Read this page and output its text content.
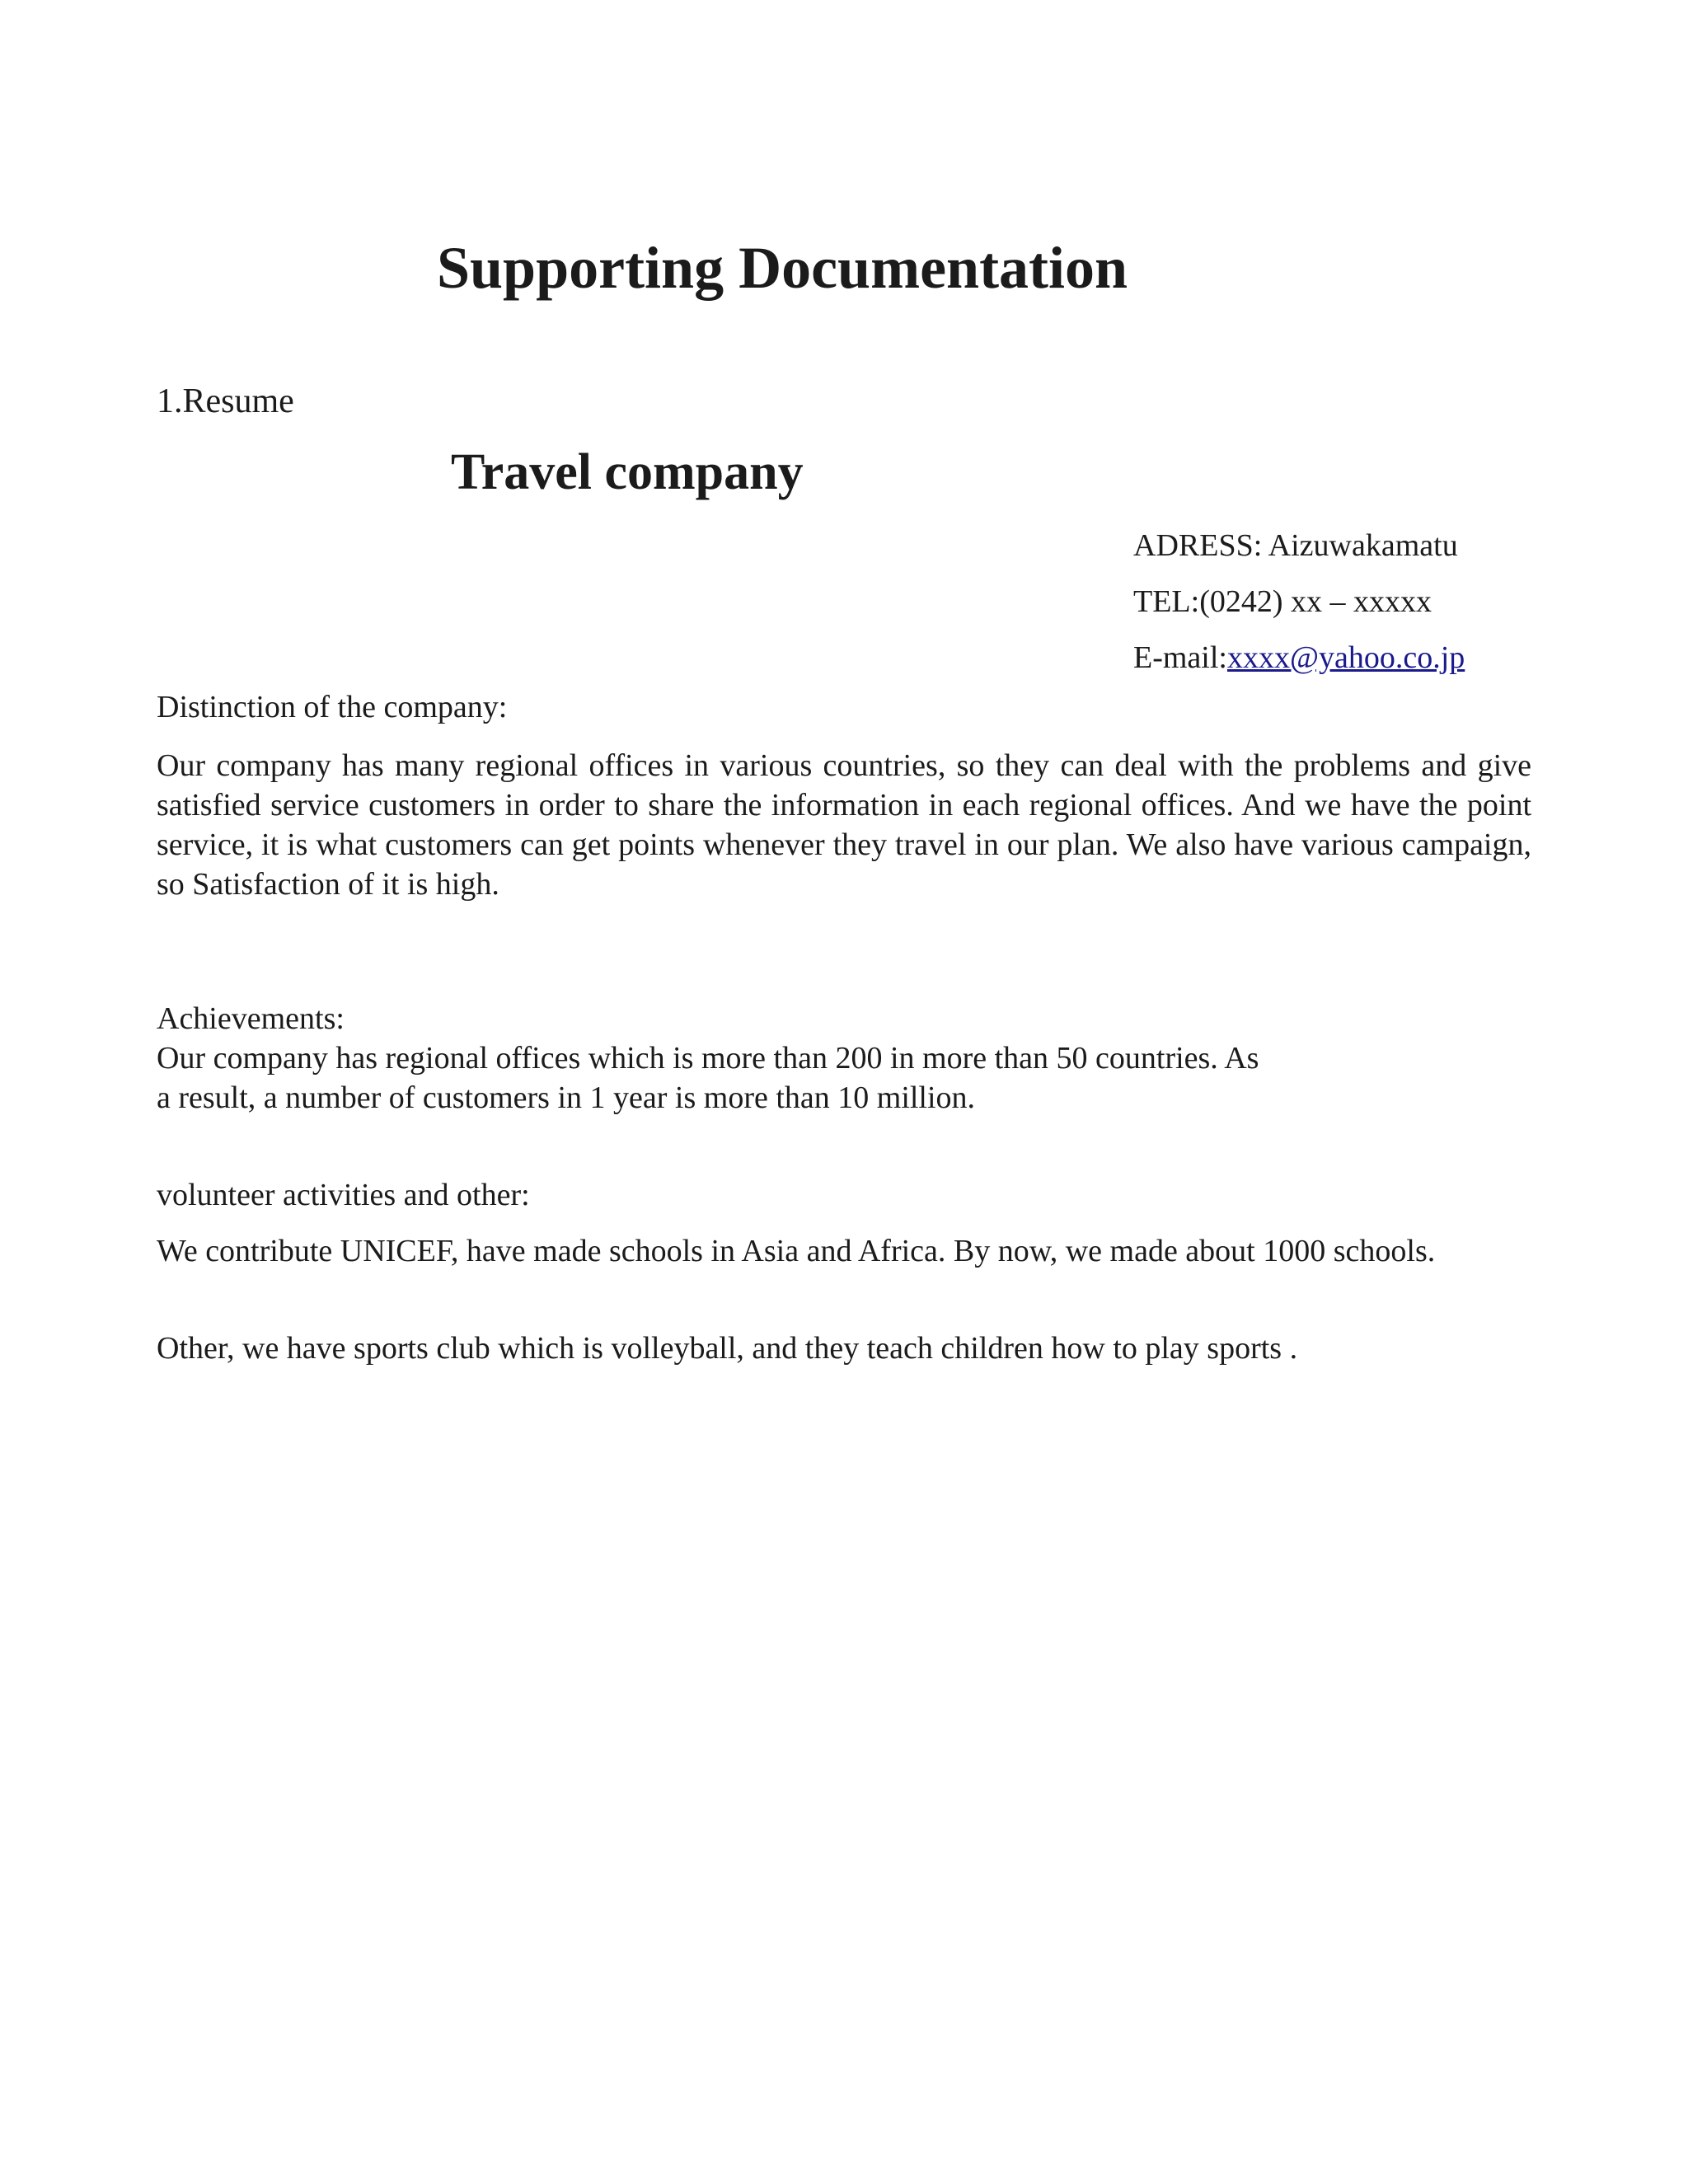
Supporting Documentation

1.Resume

Travel company
ADRESS: Aizuwakamatu
TEL:(0242) xx – xxxxx
E-mail:xxxx@yahoo.co.jp

Distinction of the company:

Our company has many regional offices in various countries, so they can deal with the problems and give satisfied service customers in order to share the information in each regional offices. And we have the point service, it is what customers can get points whenever they travel in our plan. We also have various campaign, so Satisfaction of it is high.

Achievements:

Our company has regional offices which is more than 200 in more than 50 countries. As

a result, a number of customers in 1 year is more than 10 million.

volunteer activities and other:

We contribute UNICEF, have made schools in Asia and Africa. By now, we made about 1000 schools.

Other, we have sports club which is volleyball, and they teach children how to play sports .
